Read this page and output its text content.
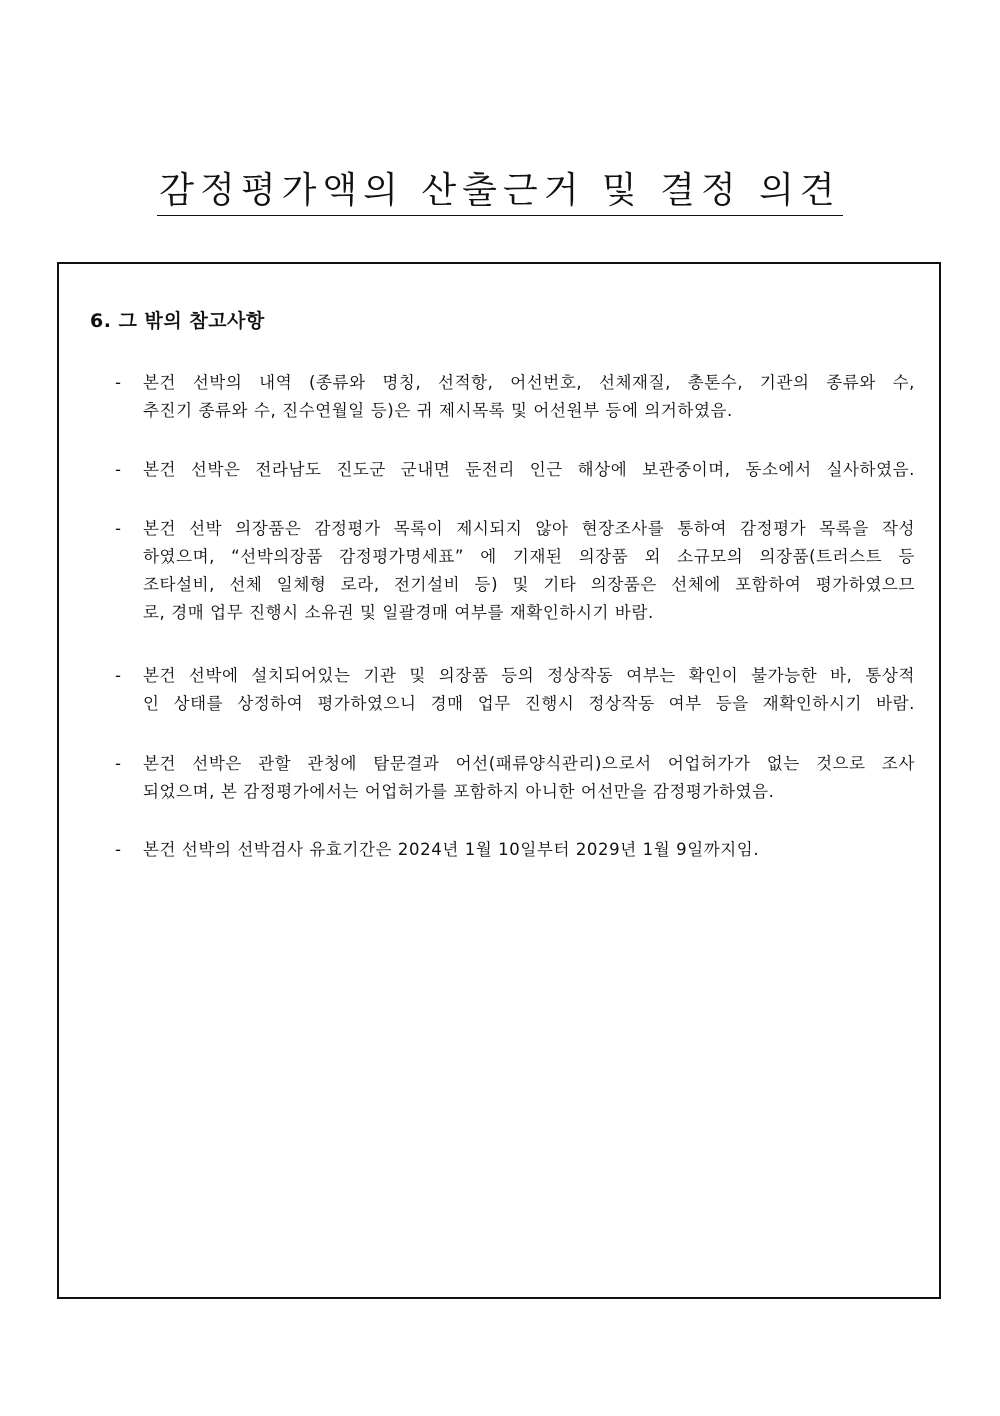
감정평가액의 산출근거 및 결정 의견
6. 그 밖의 참고사항
-	본건 선박의 내역 (종류와 명칭, 선적항, 어선번호, 선체재질, 총톤수, 기관의 종류와 수,
추진기 종류와 수, 진수연월일 등)은 귀 제시목록 및 어선원부 등에 의거하였음.
-	본건 선박은 전라남도 진도군 군내면 둔전리 인근 해상에 보관중이며, 동소에서 실사하였음.
-	본건 선박 의장품은 감정평가 목록이 제시되지 않아 현장조사를 통하여 감정평가 목록을 작성
하였으며, “선박의장품 감정평가명세표” 에 기재된 의장품 외 소규모의 의장품(트러스트 등
조타설비, 선체 일체형 로라, 전기설비 등) 및 기타 의장품은 선체에 포함하여 평가하였으므
로, 경매 업무 진행시 소유권 및 일괄경매 여부를 재확인하시기 바람.
-	본건 선박에 설치되어있는 기관 및 의장품 등의 정상작동 여부는 확인이 불가능한 바, 통상적
인 상태를 상정하여 평가하였으니 경매 업무 진행시 정상작동 여부 등을 재확인하시기 바람.
-	본건 선박은 관할 관청에 탐문결과 어선(패류양식관리)으로서 어업허가가 없는 것으로 조사
되었으며, 본 감정평가에서는 어업허가를 포함하지 아니한 어선만을 감정평가하였음.
-	본건 선박의 선박검사 유효기간은 2024년 1월 10일부터 2029년 1월 9일까지임.
